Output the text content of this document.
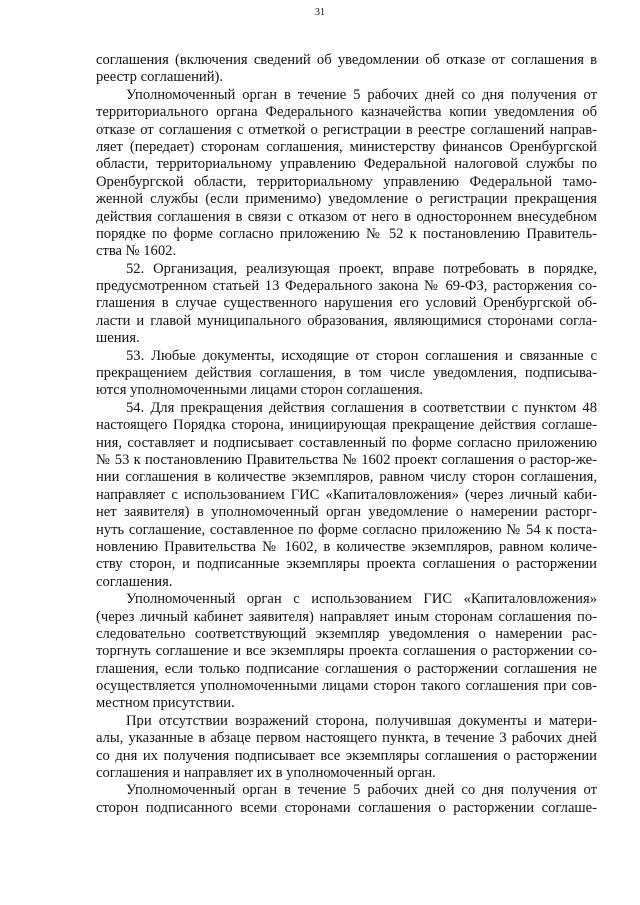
31
соглашения (включения сведений об уведомлении об отказе от соглашения в
реестр соглашений).
Уполномоченный орган в течение 5 рабочих дней со дня получения от
территориального органа Федерального казначейства копии уведомления об
отказе от соглашения с отметкой о регистрации в реестре соглашений направ-
ляет (передает) сторонам соглашения, министерству финансов Оренбургской
области, территориальному управлению Федеральной налоговой службы по
Оренбургской области, территориальному управлению Федеральной тамо-
женной службы (если применимо) уведомление о регистрации прекращения
действия соглашения в связи с отказом от него в одностороннем внесудебном
порядке по форме согласно приложению № 52 к постановлению Правитель-
ства № 1602.
52. Организация, реализующая проект, вправе потребовать в порядке,
предусмотренном статьей 13 Федерального закона № 69-ФЗ, расторжения со-
глашения в случае существенного нарушения его условий Оренбургской об-
ласти и главой муниципального образования, являющимися сторонами согла-
шения.
53. Любые документы, исходящие от сторон соглашения и связанные с
прекращением действия соглашения, в том числе уведомления, подписыва-
ются уполномоченными лицами сторон соглашения.
54. Для прекращения действия соглашения в соответствии с пунктом 48
настоящего Порядка сторона, инициирующая прекращение действия соглаше-
ния, составляет и подписывает составленный по форме согласно приложению
№ 53 к постановлению Правительства № 1602 проект соглашения о растор-же-
нии соглашения в количестве экземпляров, равном числу сторон соглашения,
направляет с использованием ГИС «Капиталовложения» (через личный каби-
нет заявителя) в уполномоченный орган уведомление о намерении расторг-
нуть соглашение, составленное по форме согласно приложению № 54 к поста-
новлению Правительства № 1602, в количестве экземпляров, равном количе-
ству сторон, и подписанные экземпляры проекта соглашения о расторжении
соглашения.
Уполномоченный орган с использованием ГИС «Капиталовложения»
(через личный кабинет заявителя) направляет иным сторонам соглашения по-
следовательно соответствующий экземпляр уведомления о намерении рас-
торгнуть соглашение и все экземпляры проекта соглашения о расторжении со-
глашения, если только подписание соглашения о расторжении соглашения не
осуществляется уполномоченными лицами сторон такого соглашения при сов-
местном присутствии.
При отсутствии возражений сторона, получившая документы и матери-
алы, указанные в абзаце первом настоящего пункта, в течение 3 рабочих дней
со дня их получения подписывает все экземпляры соглашения о расторжении
соглашения и направляет их в уполномоченный орган.
Уполномоченный орган в течение 5 рабочих дней со дня получения от
сторон подписанного всеми сторонами соглашения о расторжении соглаше-
